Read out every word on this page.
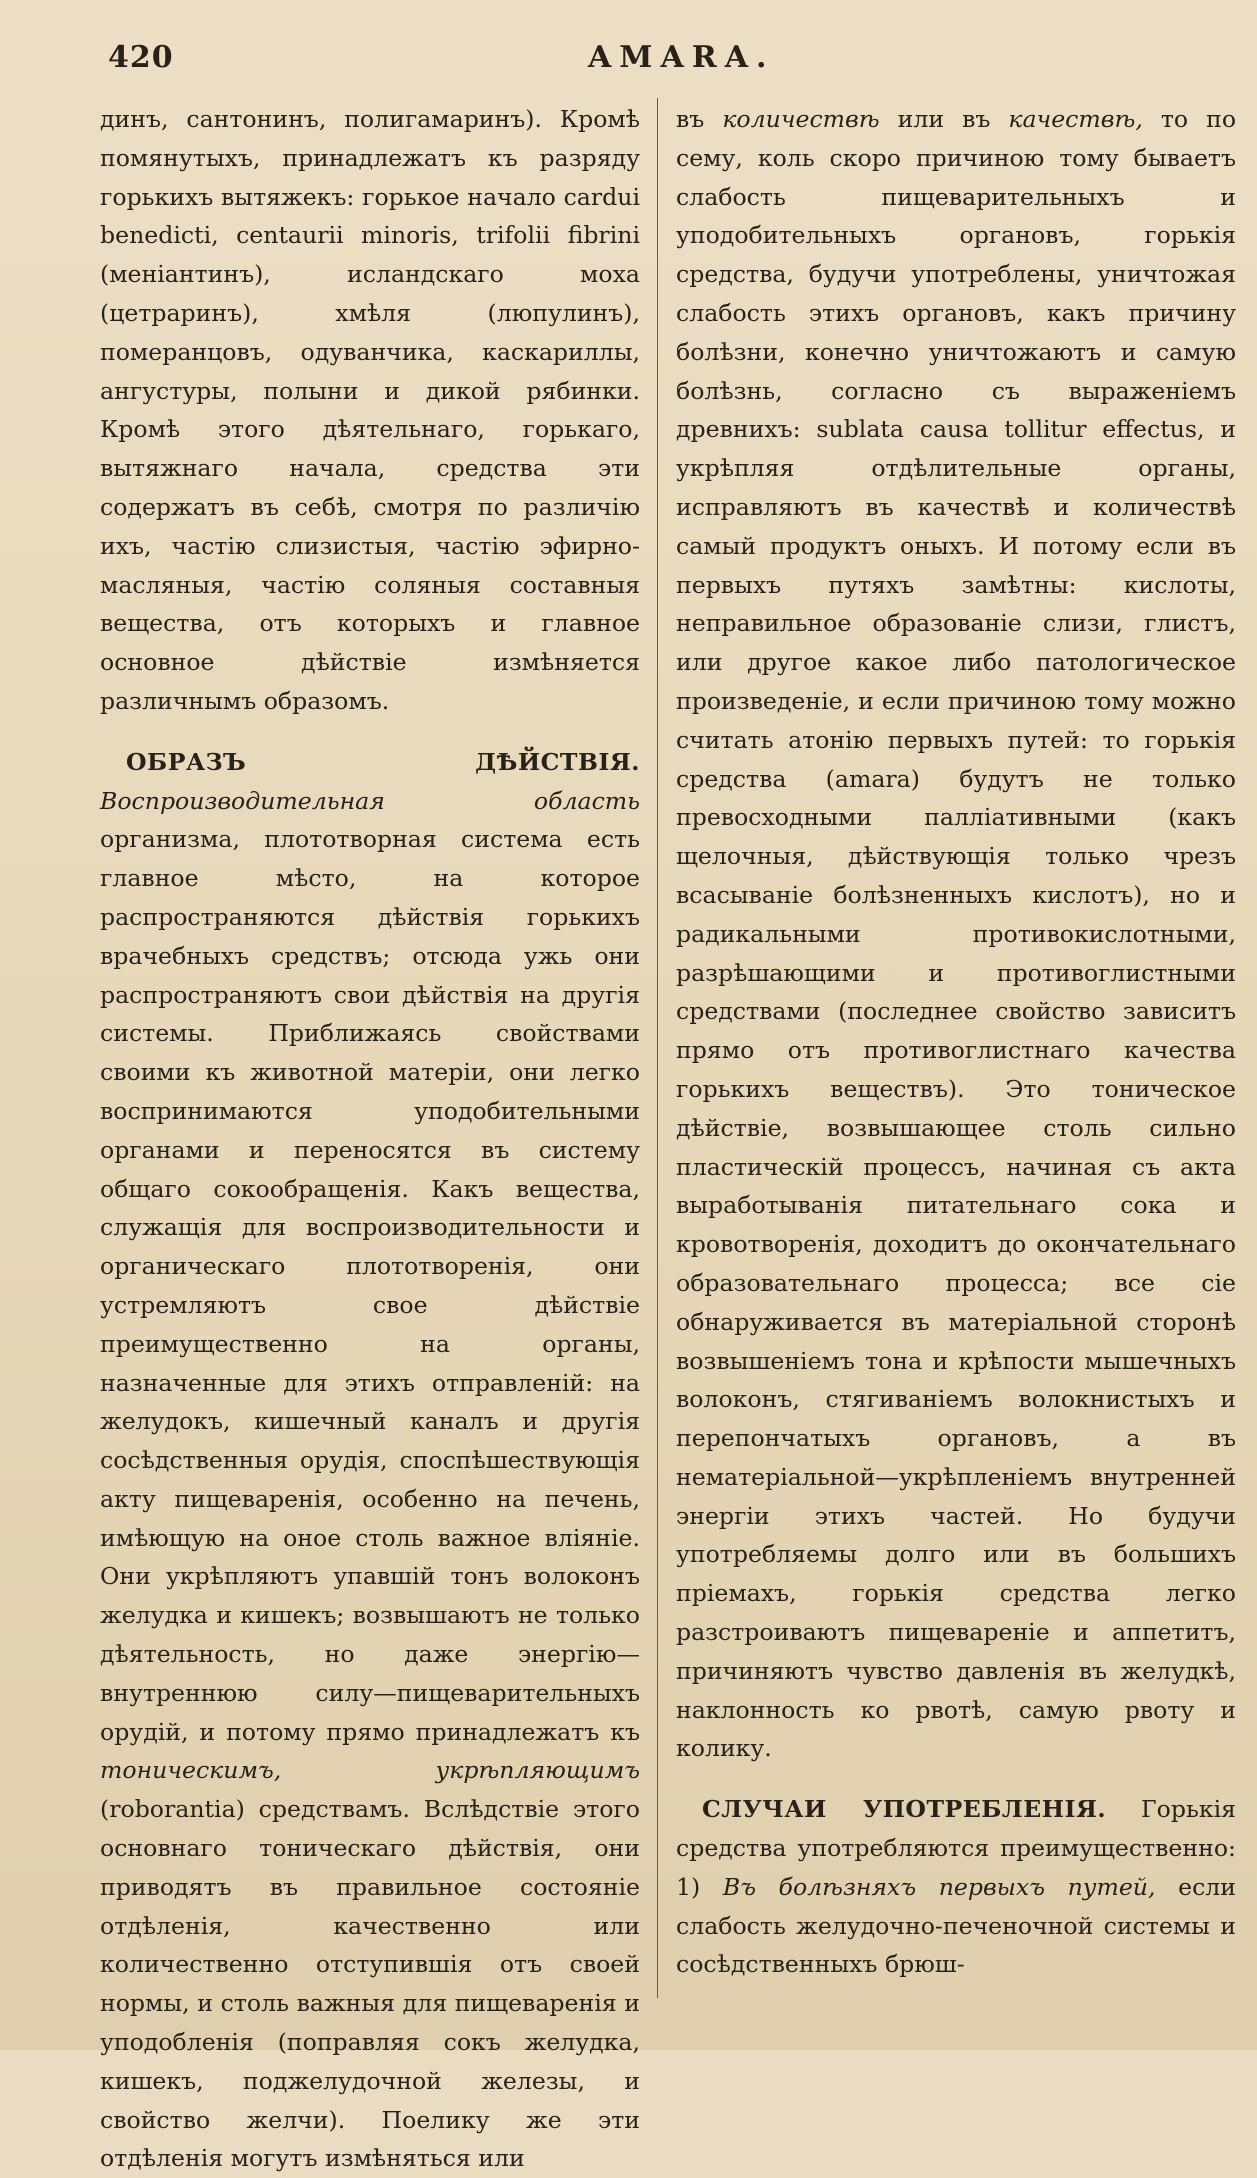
420	AMARA.

динъ, сантонинъ, полигамаринъ). Кромѣ помянутыхъ, принадлежатъ къ разряду горькихъ вытяжекъ: горькое начало cardui benedicti, centaurii minoris, trifolii fibrini (меніантинъ), исландскаго моха (цетраринъ), хмѣля (люпулинъ), померанцовъ, одуванчика, каскариллы, ангустуры, полыни и дикой рябинки. Кромѣ этого дѣятельнаго, горькаго, вытяжнаго начала, средства эти содержатъ въ себѣ, смотря по различію ихъ, частію слизистыя, частію эфирно-масляныя, частію соляныя составныя вещества, отъ которыхъ и главное основное дѣйствіе измѣняется различнымъ образомъ.

ОБРАЗЪ ДѢЙСТВІЯ. Воспроизводительная область организма, плототворная система есть главное мѣсто, на которое распространяются дѣйствія горькихъ врачебныхъ средствъ; отсюда ужь они распространяютъ свои дѣйствія на другія системы. Приближаясь свойствами своими къ животной матеріи, они легко воспринимаются уподобительными органами и переносятся въ систему общаго сокообращенія. Какъ вещества, служащія для воспроизводительности и органическаго плототворенія, они устремляютъ свое дѣйствіе преимущественно на органы, назначенные для этихъ отправленій: на желудокъ, кишечный каналъ и другія сосѣдственныя орудія, споспѣшествующія акту пищеваренія, особенно на печень, имѣющую на оное столь важное вліяніе. Они укрѣпляютъ упавшій тонъ волоконъ желудка и кишекъ; возвышаютъ не только дѣятельность, но даже энергію—внутреннюю силу—пищеварительныхъ орудій, и потому прямо принадлежатъ къ тоническимъ, укрѣпляющимъ (roborantia) средствамъ. Вслѣдствіе этого основнаго тоническаго дѣйствія, они приводятъ въ правильное состояніе отдѣленія, качественно или количественно отступившія отъ своей нормы, и столь важныя для пищеваренія и уподобленія (поправляя сокъ желудка, кишекъ, поджелудочной железы, и свойство желчи). Поелику же эти отдѣленія могутъ измѣняться или

въ количествѣ или въ качествѣ, то по сему, коль скоро причиною тому бываетъ слабость пищеварительныхъ и уподобительныхъ органовъ, горькія средства, будучи употреблены, уничтожая слабость этихъ органовъ, какъ причину болѣзни, конечно уничтожаютъ и самую болѣзнь, согласно съ выраженіемъ древнихъ: sublata causa tollitur effectus, и укрѣпляя отдѣлительные органы, исправляютъ въ качествѣ и количествѣ самый продуктъ оныхъ. И потому если въ первыхъ путяхъ замѣтны: кислоты, неправильное образованіе слизи, глистъ, или другое какое либо патологическое произведеніе, и если причиною тому можно считать атонію первыхъ путей: то горькія средства (amara) будутъ не только превосходными палліативными (какъ щелочныя, дѣйствующія только чрезъ всасываніе болѣзненныхъ кислотъ), но и радикальными противокислотными, разрѣшающими и противоглистными средствами (последнее свойство зависитъ прямо отъ противоглистнаго качества горькихъ веществъ). Это тоническое дѣйствіе, возвышающее столь сильно пластическій процессъ, начиная съ акта выработыванія питательнаго сока и кровотворенія, доходитъ до окончательнаго образовательнаго процесса; все сіе обнаруживается въ матеріальной сторонѣ возвышеніемъ тона и крѣпости мышечныхъ волоконъ, стягиваніемъ волокнистыхъ и перепончатыхъ органовъ, а въ нематеріальной—укрѣпленіемъ внутренней энергіи этихъ частей. Но будучи употребляемы долго или въ большихъ пріемахъ, горькія средства легко разстроиваютъ пищевареніе и аппетитъ, причиняютъ чувство давленія въ желудкѣ, наклонность ко рвотѣ, самую рвоту и колику.

СЛУЧАИ УПОТРЕБЛЕНІЯ. Горькія средства употребляются преимущественно: 1) Въ болѣзняхъ первыхъ путей, если слабость желудочно-печеночной системы и сосѣдственныхъ брюш-
